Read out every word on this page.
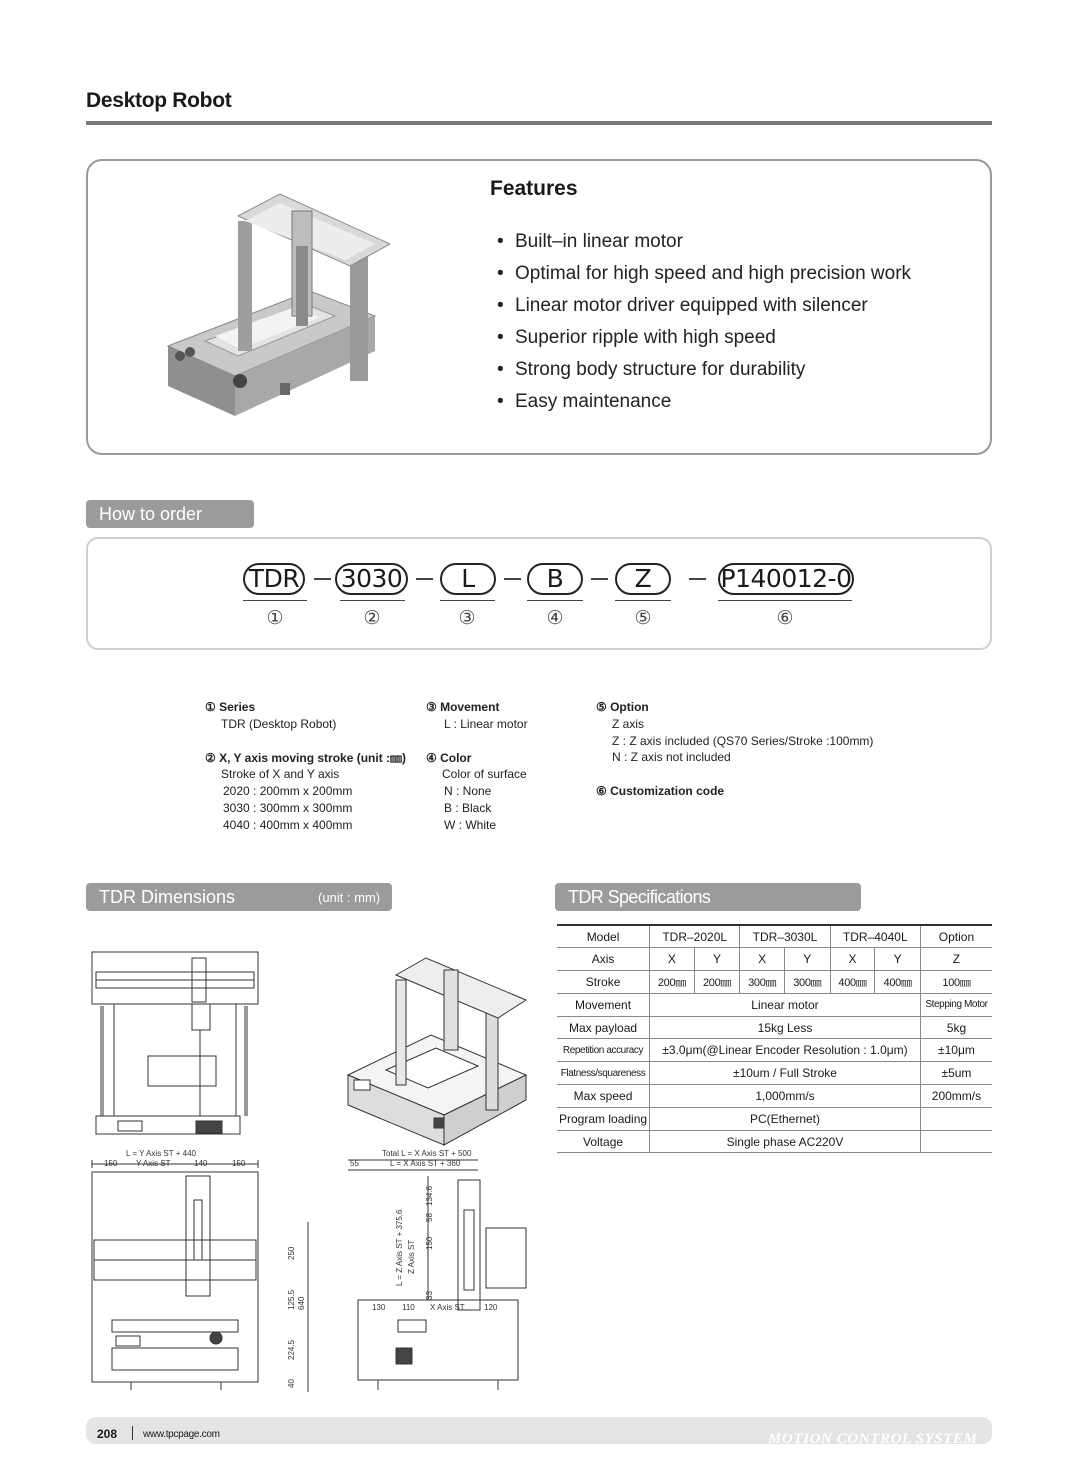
Desktop Robot
Features
• Built–in linear motor
• Optimal for high speed and high precision work
• Linear motor driver equipped with silencer
• Superior ripple with high speed
• Strong body structure for durability
• Easy maintenance
How to order
TDR 3030	L	B	Z	P140012-0
①	②	③	④	⑤	⑥
① Series
TDR (Desktop Robot)
② X, Y axis moving stroke (unit :㎜)
Stroke of X and Y axis
2020 : 200mm x 200mm
3030 : 300mm x 300mm
4040 : 400mm x 400mm
③ Movement
L : Linear motor
④ Color
Color of surface
N : None
B : Black
W : White
⑤ Option
Z axis
Z : Z axis included (QS70 Series/Stroke :100mm)
N : Z axis not included
⑥ Customization code
TDR Dimensions	(unit : mm)
L = Y Axis ST + 440
150 Y Axis ST	140	150
Total L = X Axis ST + 500
55	L = X Axis ST + 360
250
125.5 640
224.5
40
L = Z Axis ST + 375.6 Z Axis ST
134.6
58
150
33
130 110 X Axis ST 120
TDR Specifications
Model	TDR–2020L		TDR–3030L		TDR–4040L		Option
Axis	X	Y	X	Y	X	Y	Z
Stroke	200㎜	200㎜	300㎜	300㎜	400㎜	400㎜	100㎜
Movement	Linear motor						Stepping Motor
Max payload	15kg Less						5kg
Repetition accuracy	±3.0μm(@Linear Encoder Resolution : 1.0μm)						±10μm
Flatness/squareness	±10um / Full Stroke						±5um
Max speed	1,000mm/s						200mm/s
Program loading	PC(Ethernet)						
Voltage	Single phase AC220V						
208	www.tpcpage.com	MOTION CONTROL SYSTEM
